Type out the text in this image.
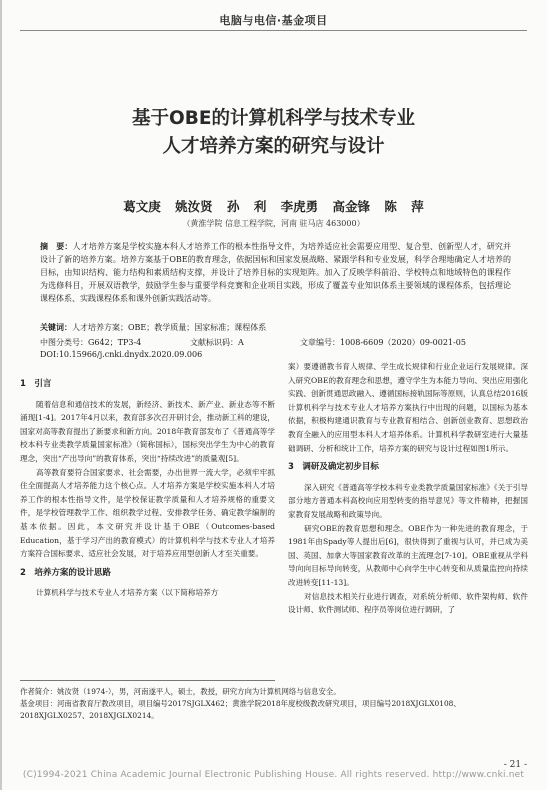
电脑与电信·基金项目
基于OBE的计算机科学与技术专业
人才培养方案的研究与设计
葛文庚 姚汝贤 孙 利 李虎勇 高金锋 陈 萍
（黄淮学院 信息工程学院，河南 驻马店 463000）
摘　要：人才培养方案是学校实施本科人才培养工作的根本性指导文件，为培养适应社会需要应用型、复合型、创新型人才，研究并设计了新的培养方案。培养方案基于OBE的教育理念，依据国标和国家发展战略、紧跟学科和专业发展，科学合理地确定人才培养的目标，由知识结构、能力结构和素质结构支撑，并设计了培养目标的实现矩阵。加入了反映学科前沿、学校特点和地域特色的课程作为选修科目，开展双语教学，鼓励学生参与重要学科竞赛和企业项目实践，形成了覆盖专业知识体系主要领域的课程体系，包括理论课程体系、实践课程体系和课外创新实践活动等。
关键词：人才培养方案；OBE；教学质量；国家标准；课程体系
中图分类号：G642；TP3-4	文献标识码：A	文章编号：1008-6609（2020）09-0021-05
DOI:10.15966/j.cnki.dnydx.2020.09.006
1　引言

随着信息和通信技术的发展，新经济、新技术、新产业、新业态等不断涌现[1-4]。2017年4月以来，教育部多次召开研讨会，推动新工科的建设，国家对高等教育提出了新要求和新方向。2018年教育部发布了《普通高等学校本科专业类教学质量国家标准》（简称国标），国标突出学生为中心的教育理念，突出“产出导向”的教育体系，突出“持续改进”的质量观[5]。

高等教育要符合国家要求、社会需要，办出世界一流大学，必须牢牢抓住全面提高人才培养能力这个核心点。人才培养方案是学校实施本科人才培养工作的根本性指导文件，是学校保证教学质量和人才培养规格的重要文件，是学校管理教学工作、组织教学过程、安排教学任务、确定教学编制的基本依据。因此，本文研究并设计基于OBE（Outcomes-based Education，基于学习产出的教育模式）的计算机科学与技术专业人才培养方案符合国标要求、适应社会发展，对于培养应用型创新人才至关重要。

2　培养方案的设计思路

计算机科学与技术专业人才培养方案（以下简称培养方

案）要遵循教书育人规律、学生成长规律和行业企业运行发展规律。深入研究OBE的教育理念和思想，遵守学生为本能力导向、突出应用强化实践、创新贯通思政融入、遵循国标接轨国际等原则，认真总结2016版计算机科学与技术专业人才培养方案执行中出现的问题，以国标为基本依据，积极构建通识教育与专业教育相结合、创新创业教育、思想政治教育全融入的应用型本科人才培养体系。计算机科学教研室进行大量基础调研、分析和统计工作，培养方案的研究与设计过程如图1所示。

3　调研及确定初步目标

深入研究《普通高等学校本科专业类教学质量国家标准》《关于引导部分地方普通本科高校向应用型转变的指导意见》等文件精神，把握国家教育发展战略和政策导向。

研究OBE的教育思想和理念。OBE作为一种先进的教育理念，于1981年由Spady等人提出后[6]，很快得到了重视与认可，并已成为美国、英国、加拿大等国家教育改革的主流理念[7-10]。OBE重视从学科导向向目标导向转变，从教师中心向学生中心转变和从质量监控向持续改进转变[11-13]。

对信息技术相关行业进行调查，对系统分析师、软件架构师、软件设计师、软件测试师、程序员等岗位进行调研，了

作者简介：姚汝贤（1974-），男，河南遂平人，硕士，教授，研究方向为计算机网络与信息安全。
基金项目：河南省教育厅教改项目，项目编号2017SJGLX462；黄淮学院2018年度校级教改研究项目，项目编号2018XJGLX0108、2018XJGLX0257、2018XJGLX0214。
- 21 -
(C)1994-2021 China Academic Journal Electronic Publishing House. All rights reserved. http://www.cnki.net
